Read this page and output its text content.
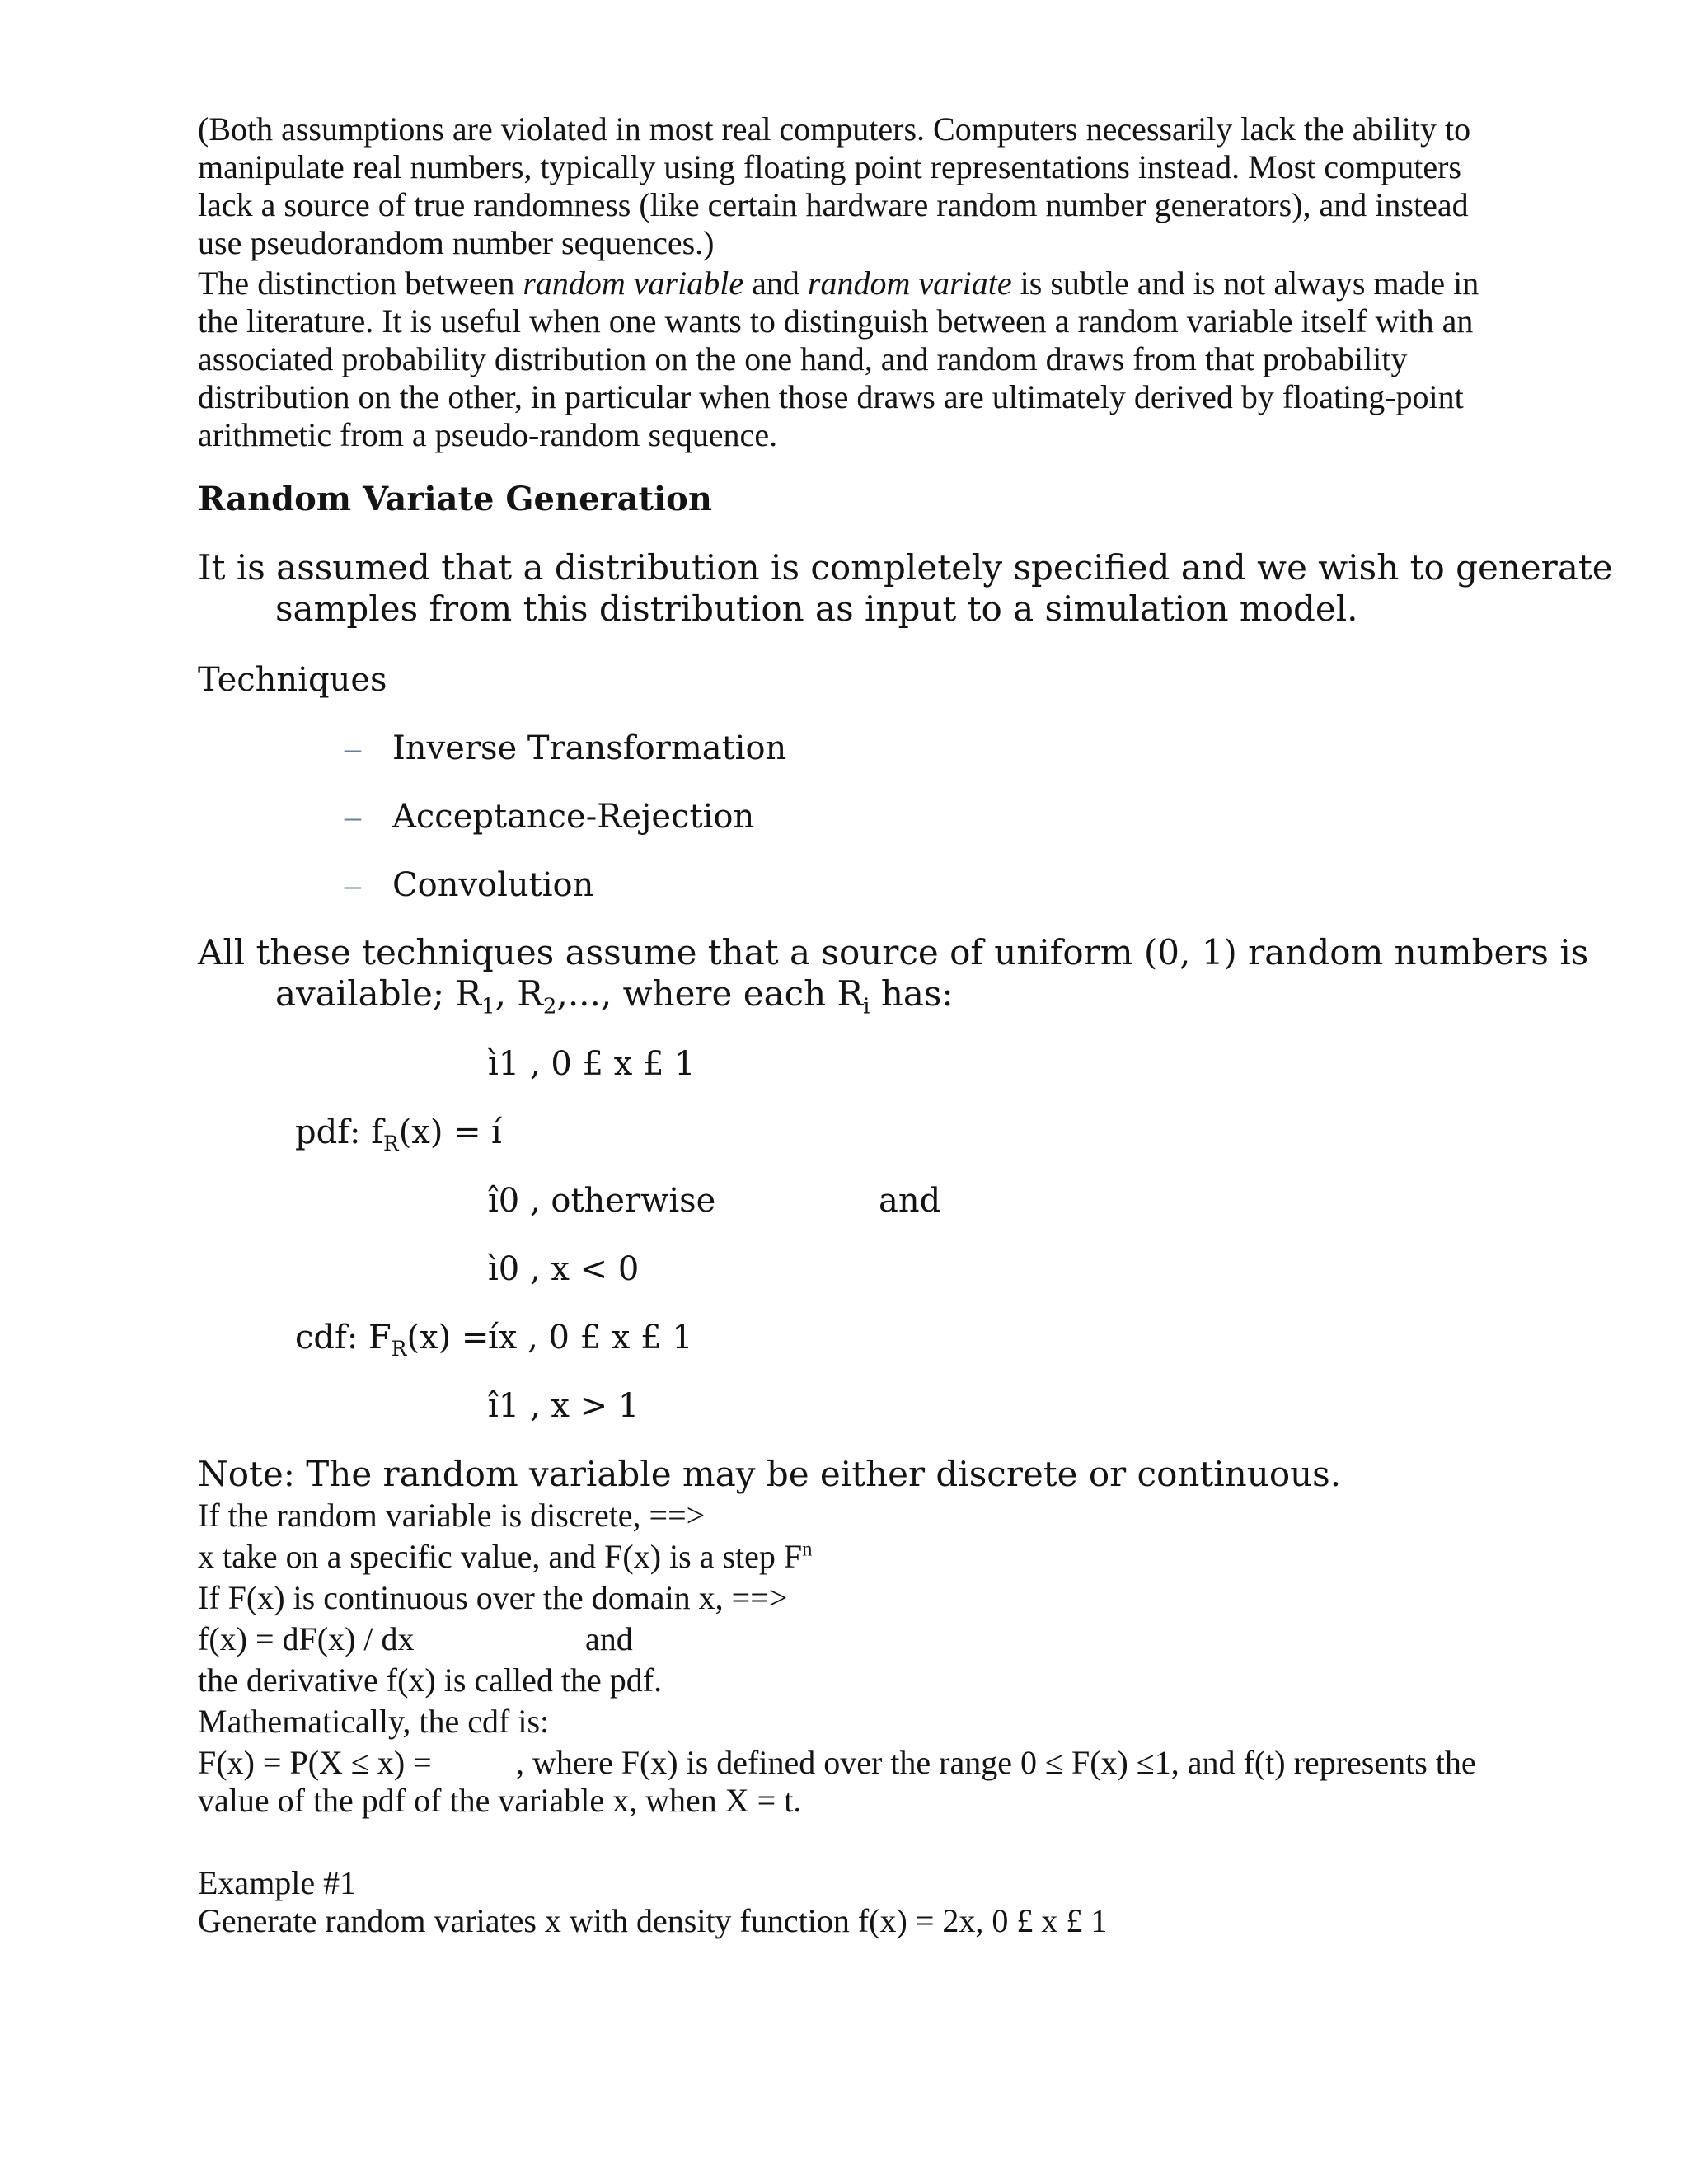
(Both assumptions are violated in most real computers. Computers necessarily lack the ability to
manipulate real numbers, typically using floating point representations instead. Most computers
lack a source of true randomness (like certain hardware random number generators), and instead
use pseudorandom number sequences.)
The distinction between random variable and random variate is subtle and is not always made in
the literature. It is useful when one wants to distinguish between a random variable itself with an
associated probability distribution on the one hand, and random draws from that probability
distribution on the other, in particular when those draws are ultimately derived by floating-point
arithmetic from a pseudo-random sequence.
Random Variate Generation
It is assumed that a distribution is completely specified and we wish to generate
samples from this distribution as input to a simulation model.
Techniques
– Inverse Transformation
– Acceptance-Rejection
– Convolution
All these techniques assume that a source of uniform (0, 1) random numbers is
available; $R_1$, $R_2$,..., where each $R_i$ has:
ì1 , 0 £ x £ 1
pdf: $f_R(x)$ = í
î0 , otherwise	and
ì0 , x < 0
cdf: $F_R(x)$ =
íx , 0 £ x £ 1
î1 , x > 1
Note: The random variable may be either discrete or continuous.
If the random variable is discrete, ==>
x take on a specific value, and F(x) is a step $F^n$
If F(x) is continuous over the domain x, ==>
f(x) = dF(x) / dx	and
the derivative f(x) is called the pdf.
Mathematically, the cdf is:
F(x) = P(X ≤ x) =	, where F(x) is defined over the range 0 ≤ F(x) ≤1, and f(t) represents the
value of the pdf of the variable x, when X = t.
Example #1
Generate random variates x with density function f(x) = 2x, 0 £ x £ 1
